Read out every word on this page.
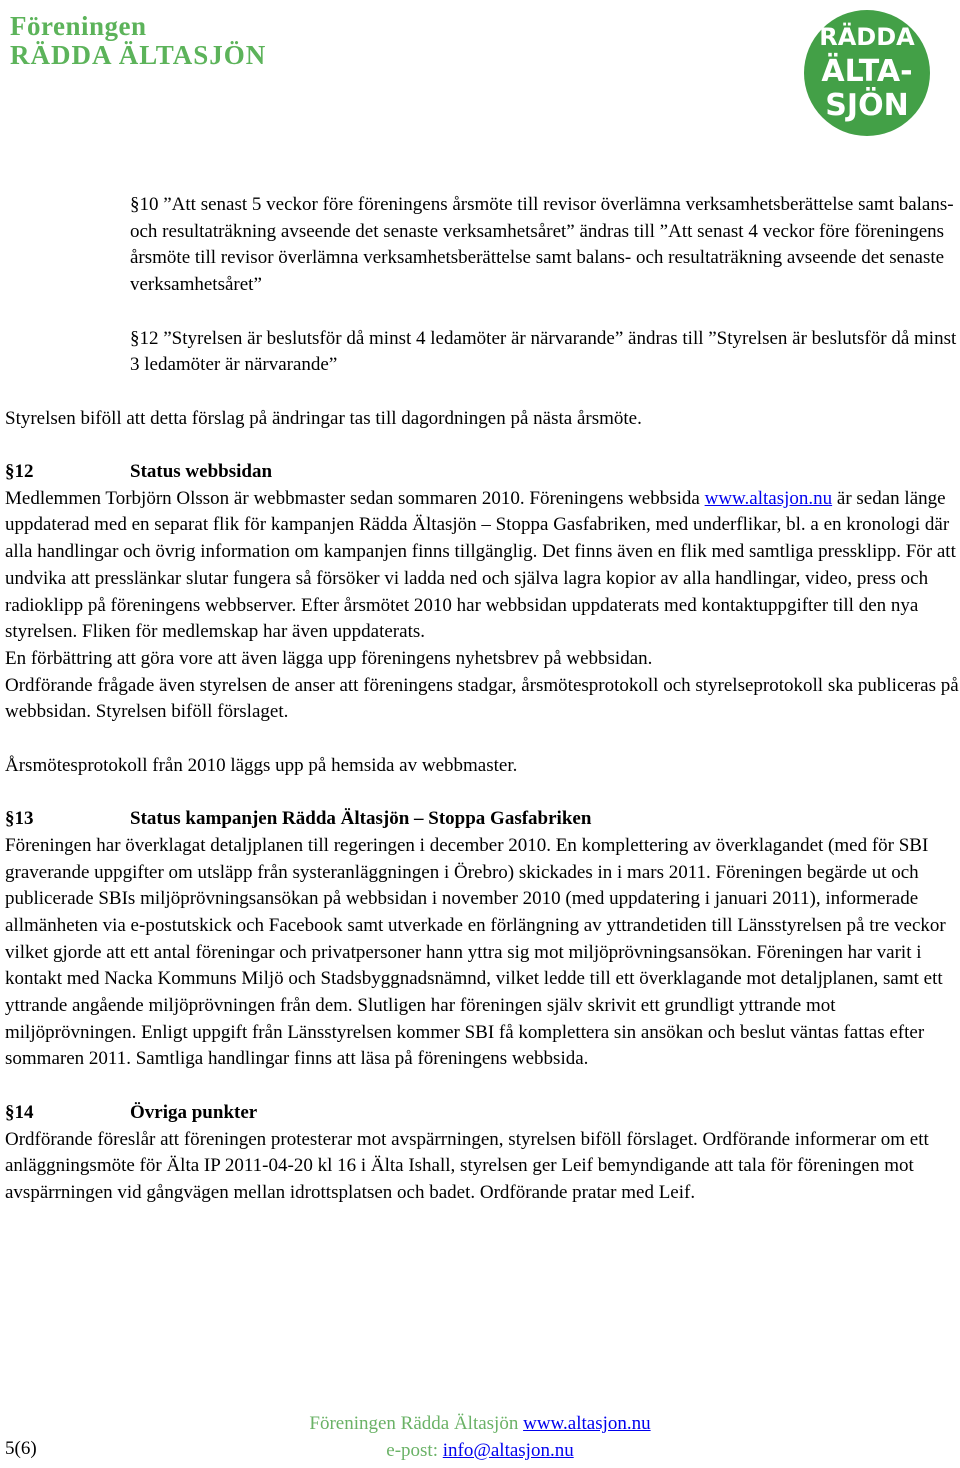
Föreningen
RÄDDA ÄLTASJÖN
RÄDDA
ÄLTA-
SJÖN

§10 ”Att senast 5 veckor före föreningens årsmöte till revisor överlämna verksamhetsberättelse samt balans- och resultaträkning avseende det senaste verksamhetsåret” ändras till ”Att senast 4 veckor före föreningens årsmöte till revisor överlämna verksamhetsberättelse samt balans- och resultaträkning avseende det senaste verksamhetsåret”

§12 ”Styrelsen är beslutsför då minst 4 ledamöter är närvarande” ändras till ”Styrelsen är beslutsför då minst 3 ledamöter är närvarande”

Styrelsen biföll att detta förslag på ändringar tas till dagordningen på nästa årsmöte.

§12	Status webbsidan

Medlemmen Torbjörn Olsson är webbmaster sedan sommaren 2010. Föreningens webbsida www.altasjon.nu är sedan länge uppdaterad med en separat flik för kampanjen Rädda Ältasjön – Stoppa Gasfabriken, med underflikar, bl. a en kronologi där alla handlingar och övrig information om kampanjen finns tillgänglig. Det finns även en flik med samtliga pressklipp. För att undvika att presslänkar slutar fungera så försöker vi ladda ned och själva lagra kopior av alla handlingar, video, press och radioklipp på föreningens webbserver. Efter årsmötet 2010 har webbsidan uppdaterats med kontaktuppgifter till den nya styrelsen. Fliken för medlemskap har även uppdaterats.

En förbättring att göra vore att även lägga upp föreningens nyhetsbrev på webbsidan.

Ordförande frågade även styrelsen de anser att föreningens stadgar, årsmötesprotokoll och styrelseprotokoll ska publiceras på webbsidan. Styrelsen biföll förslaget.

Årsmötesprotokoll från 2010 läggs upp på hemsida av webbmaster.

§13	Status kampanjen Rädda Ältasjön – Stoppa Gasfabriken

Föreningen har överklagat detaljplanen till regeringen i december 2010. En komplettering av överklagandet (med för SBI graverande uppgifter om utsläpp från systeranläggningen i Örebro) skickades in i mars 2011. Föreningen begärde ut och publicerade SBIs miljöprövningsansökan på webbsidan i november 2010 (med uppdatering i januari 2011), informerade allmänheten via e-postutskick och Facebook samt utverkade en förlängning av yttrandetiden till Länsstyrelsen på tre veckor vilket gjorde att ett antal föreningar och privatpersoner hann yttra sig mot miljöprövningsansökan. Föreningen har varit i kontakt med Nacka Kommuns Miljö och Stadsbyggnadsnämnd, vilket ledde till ett överklagande mot detaljplanen, samt ett yttrande angående miljöprövningen från dem. Slutligen har föreningen själv skrivit ett grundligt yttrande mot miljöprövningen. Enligt uppgift från Länsstyrelsen kommer SBI få komplettera sin ansökan och beslut väntas fattas efter sommaren 2011. Samtliga handlingar finns att läsa på föreningens webbsida.

§14	Övriga punkter

Ordförande föreslår att föreningen protesterar mot avspärrningen, styrelsen biföll förslaget. Ordförande informerar om ett anläggningsmöte för Älta IP 2011-04-20 kl 16 i Älta Ishall, styrelsen ger Leif bemyndigande att tala för föreningen mot avspärrningen vid gångvägen mellan idrottsplatsen och badet. Ordförande pratar med Leif.

Föreningen Rädda Ältasjön www.altasjon.nu
e-post: info@altasjon.nu
5(6)
